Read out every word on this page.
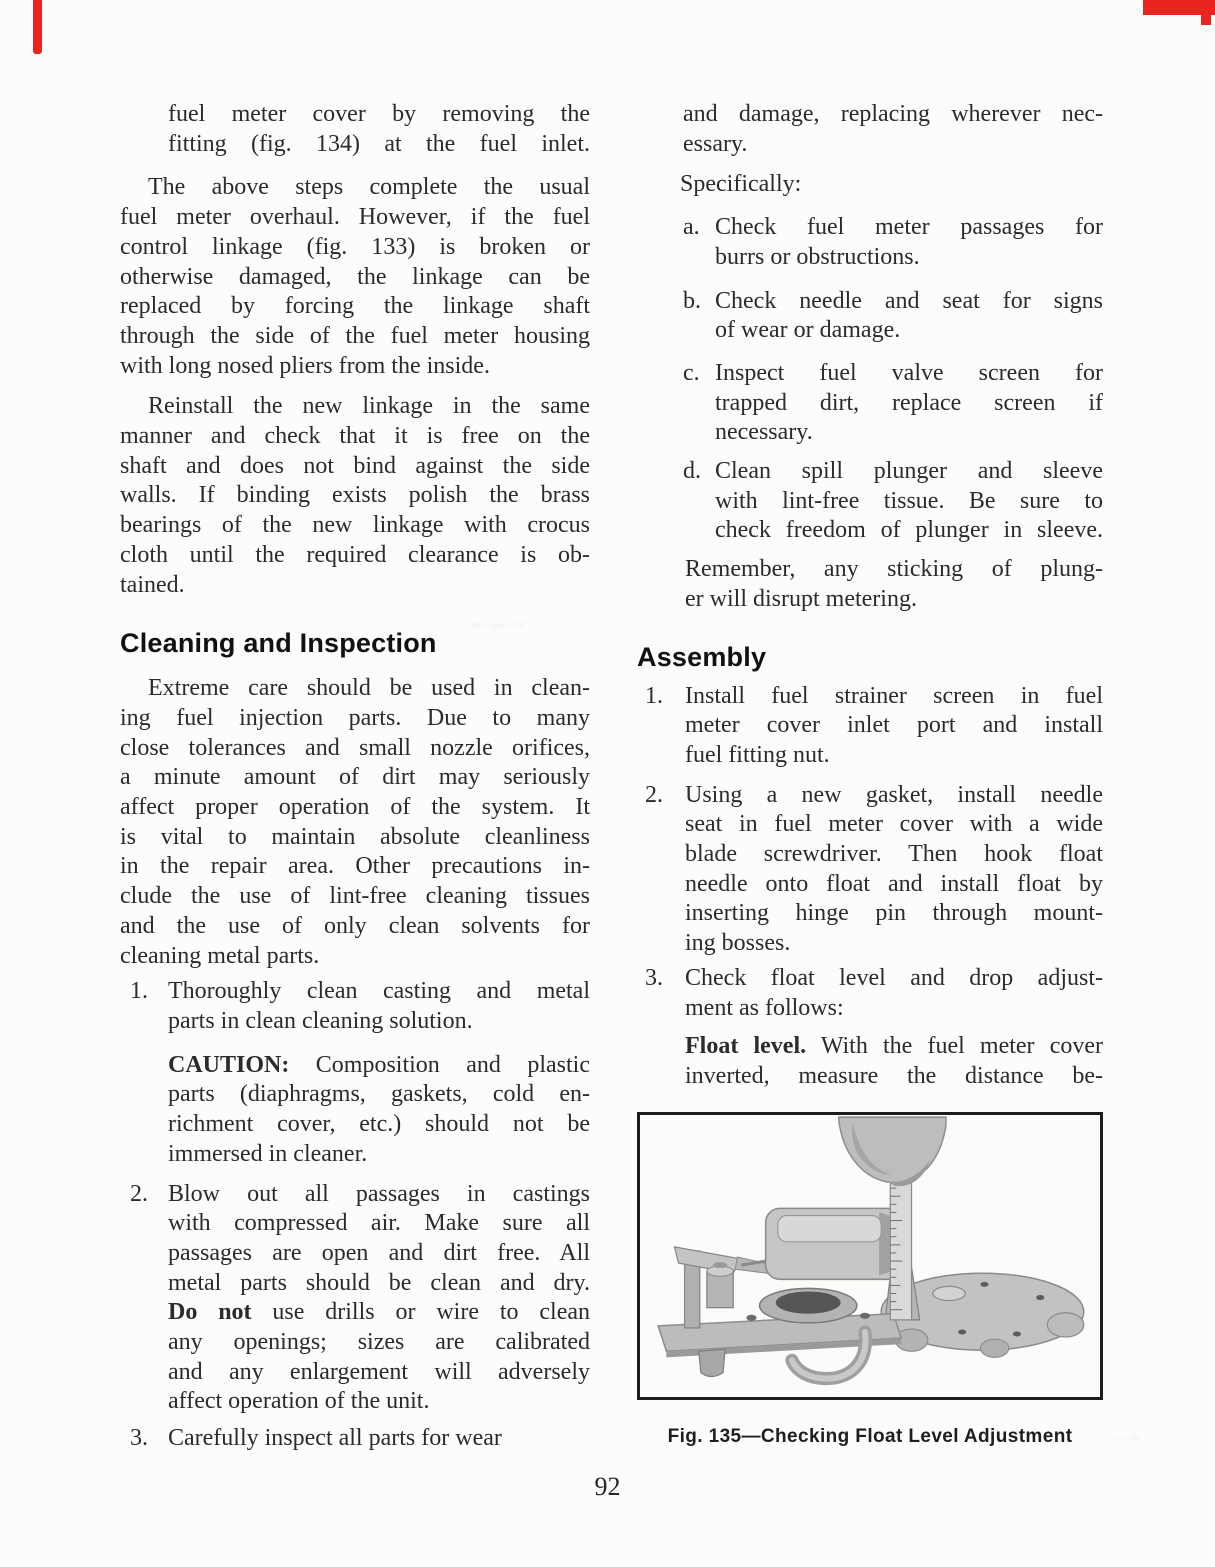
~·—·~
··~
fuel meter cover by removing the
fitting (fig. 134) at the fuel inlet.
The above steps complete the usual
fuel meter overhaul. However, if the fuel
control linkage (fig. 133) is broken or
otherwise damaged, the linkage can be
replaced by forcing the linkage shaft
through the side of the fuel meter housing
with long nosed pliers from the inside.
Reinstall the new linkage in the same
manner and check that it is free on the
shaft and does not bind against the side
walls. If binding exists polish the brass
bearings of the new linkage with crocus
cloth until the required clearance is ob-
tained.
Cleaning and Inspection
Extreme care should be used in clean-
ing fuel injection parts. Due to many
close tolerances and small nozzle orifices,
a minute amount of dirt may seriously
affect proper operation of the system. It
is vital to maintain absolute cleanliness
in the repair area. Other precautions in-
clude the use of lint-free cleaning tissues
and the use of only clean solvents for
cleaning metal parts.
1. Thoroughly clean casting and metal
parts in clean cleaning solution.
CAUTION: Composition and plastic
parts (diaphragms, gaskets, cold en-
richment cover, etc.) should not be
immersed in cleaner.
2. Blow out all passages in castings
with compressed air. Make sure all
passages are open and dirt free. All
metal parts should be clean and dry.
Do not use drills or wire to clean
any openings; sizes are calibrated
and any enlargement will adversely
affect operation of the unit.
3. Carefully inspect all parts for wear
and damage, replacing wherever nec-
essary.
Specifically:
a. Check fuel meter passages for
burrs or obstructions.
b. Check needle and seat for signs
of wear or damage.
c. Inspect fuel valve screen for
trapped dirt, replace screen if
necessary.
d. Clean spill plunger and sleeve
with lint-free tissue. Be sure to
check freedom of plunger in sleeve.
Remember, any sticking of plung-
er will disrupt metering.
Assembly
1. Install fuel strainer screen in fuel
meter cover inlet port and install
fuel fitting nut.
2. Using a new gasket, install needle
seat in fuel meter cover with a wide
blade screwdriver. Then hook float
needle onto float and install float by
inserting hinge pin through mount-
ing bosses.
3. Check float level and drop adjust-
ment as follows:
Float level. With the fuel meter cover
inverted, measure the distance be-
Fig. 135—Checking Float Level Adjustment
92
